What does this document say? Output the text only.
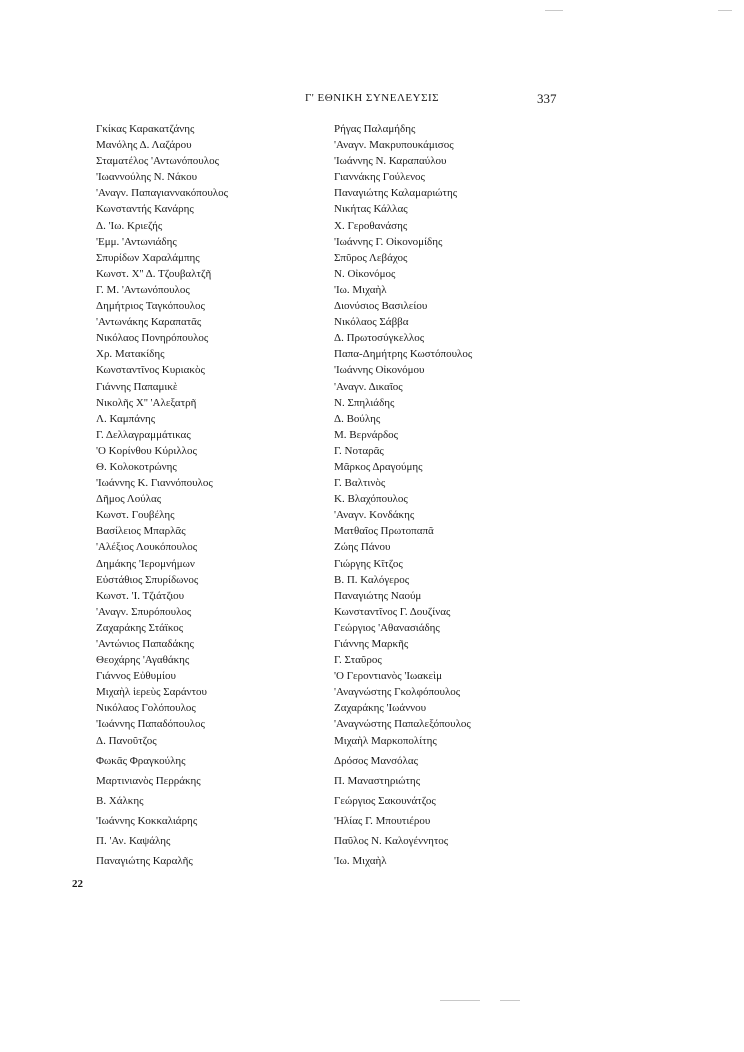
Γ' ΕΘΝΙΚΗ ΣΥΝΕΛΕΥΣΙΣ	337
Γκίκας Καρακατζάνης
Μανόλης Δ. Λαζάρου
Σταματέλος 'Αντωνόπουλος
'Ιωαννούλης Ν. Νάκου
'Αναγν. Παπαγιαννακόπουλος
Κωνσταντής Κανάρης
Δ. 'Ιω. Κριεζής
'Εμμ. 'Αντωνιάδης
Σπυρίδων Χαραλάμπης
Κωνστ. Χ'' Δ. Τζουβαλτζῆ
Γ. Μ. 'Αντωνόπουλος
Δημήτριος Ταγκόπουλος
'Αντωνάκης Καραπατᾶς
Νικόλαος Πονηρόπουλος
Χρ. Ματακίδης
Κωνσταντῖνος Κυριακὸς
Γιάννης Παπαμικὲ
Νικολῆς Χ'' 'Αλεξατρῆ
Λ. Καμπάνης
Γ. Δελλαγραμμάτικας
'Ο Κορίνθου Κύριλλος
Θ. Κολοκοτρώνης
'Ιωάννης Κ. Γιαννόπουλος
Δῆμος Λούλας
Κωνστ. Γουβέλης
Βασίλειος Μπαρλᾶς
'Αλέξιος Λουκόπουλος
Δημάκης 'Ιερομνήμων
Εὐστάθιος Σπυρίδωνος
Κωνστ. 'Ι. Τζιάτζιου
'Αναγν. Σπυρόπουλος
Ζαχαράκης Στάϊκος
'Αντώνιος Παπαδάκης
Θεοχάρης 'Αγαθάκης
Γιάννος Εὐθυμίου
Μιχαὴλ ἱερεὺς Σαράντου
Νικόλαος Γολόπουλος
'Ιωάννης Παπαδόπουλος
Δ. Πανοῦτζος
Φωκᾶς Φραγκούλης
Μαρτινιανὸς Περράκης
Β. Χάλκης
'Ιωάννης Κοκκαλιάρης
Π. 'Αν. Καψάλης
Παναγιώτης Καραλῆς
Ρήγας Παλαμήδης
'Αναγν. Μακρυπουκάμισος
'Ιωάννης Ν. Καραπαύλου
Γιαννάκης Γούλενος
Παναγιώτης Καλαμαριώτης
Νικήτας Κάλλας
Χ. Γεροθανάσης
'Ιωάννης Γ. Οἰκονομίδης
Σπῦρος Λεβάχος
Ν. Οἰκονόμος
'Ιω. Μιχαὴλ
Διονύσιος Βασιλείου
Νικόλαος Σάββα
Δ. Πρωτοσύγκελλος
Παπα-Δημήτρης Κωστόπουλος
'Ιωάννης Οἰκονόμου
'Αναγν. Δικαῖος
Ν. Σπηλιάδης
Δ. Βούλης
Μ. Βερνάρδος
Γ. Νοταρᾶς
Μᾶρκος Δραγούμης
Γ. Βαλτινὸς
Κ. Βλαχόπουλος
'Αναγν. Κονδάκης
Ματθαῖος Πρωτοπαπᾶ
Ζώης Πάνου
Γιώργης Κῖτζος
Β. Π. Καλόγερος
Παναγιώτης Ναούμ
Κωνσταντῖνος Γ. Δουζίνας
Γεώργιος 'Αθανασιάδης
Γιάννης Μαρκῆς
Γ. Σταῦρος
'Ο Γεροντιανὸς 'Ιωακεὶμ
'Αναγνώστης Γκολφόπουλος
Ζαχαράκης 'Ιωάννου
'Αναγνώστης Παπαλεξόπουλος
Μιχαὴλ Μαρκοπολίτης
Δρόσος Μανσόλας
Π. Μαναστηριώτης
Γεώργιος Σακουνάτζος
'Ηλίας Γ. Μπουτιέρου
Παῦλος Ν. Καλογέννητος
'Ιω. Μιχαὴλ
22
